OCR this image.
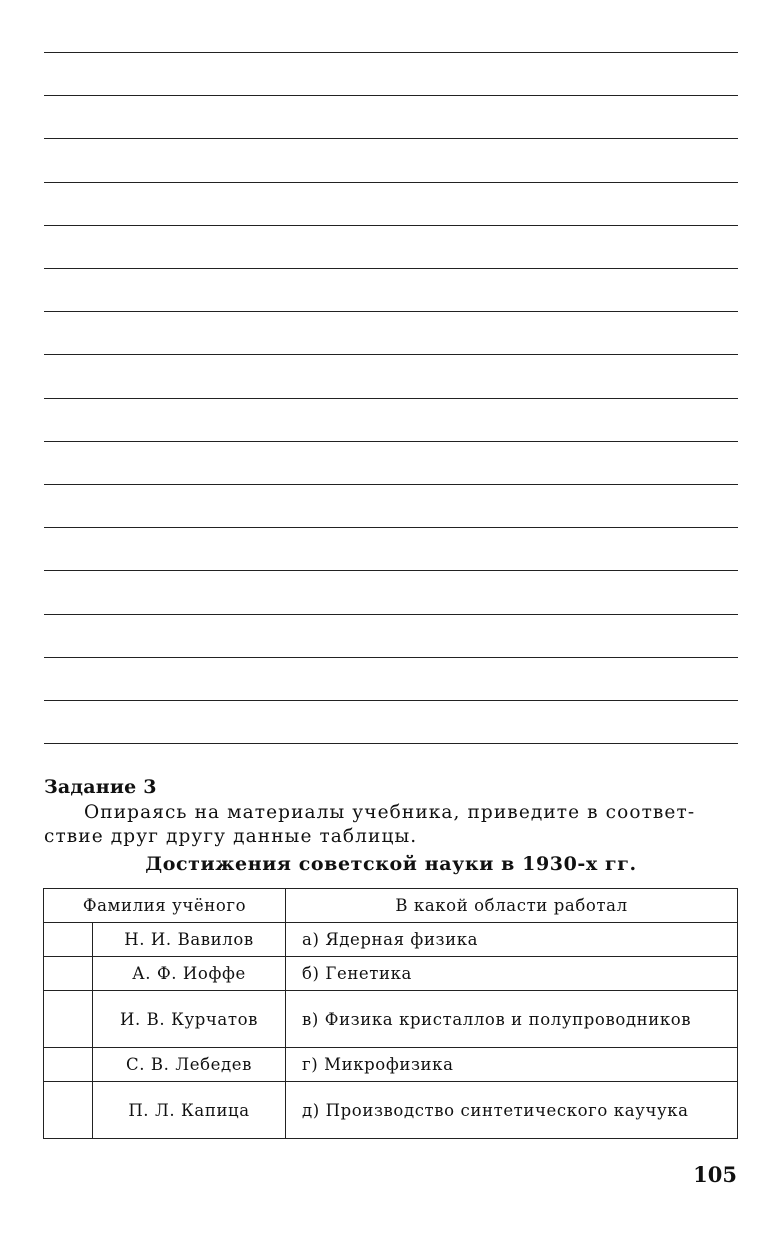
Задание 3
Опираясь на материалы учебника, приведите в соответ-
ствие друг другу данные таблицы.
Достижения советской науки в 1930-х гг.
Фамилия учёного		В какой области работал
	Н. И. Вавилов	а) Ядерная физика
	А. Ф. Иоффе	б) Генетика
	И. В. Курчатов	в) Физика кристаллов и полупроводников
	С. В. Лебедев	г) Микрофизика
	П. Л. Капица	д) Производство синтетического каучука
105
